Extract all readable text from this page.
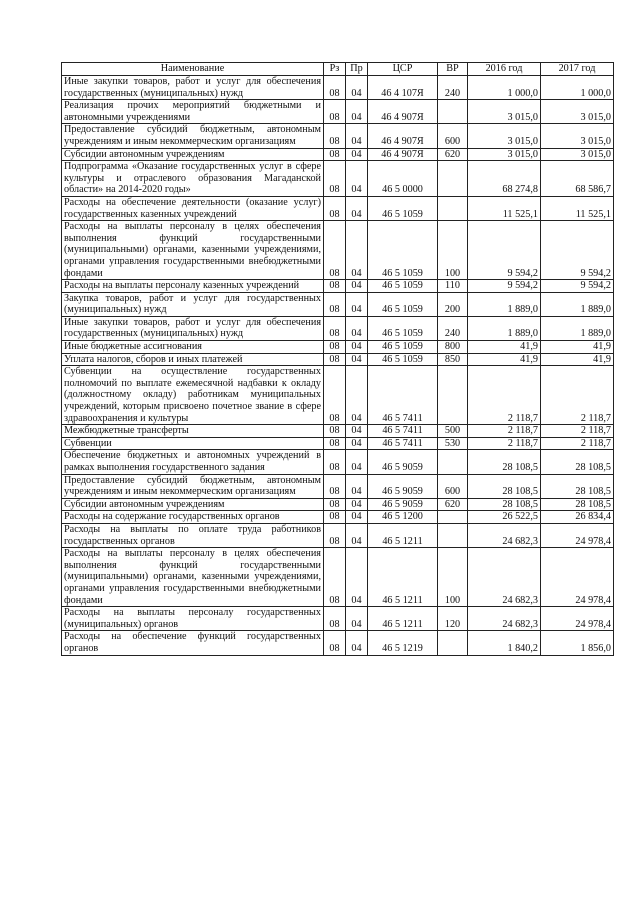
Наименование	Рз	Пр	ЦСР	ВР	2016 год	2017 год
Иные закупки товаров, работ и услуг для обеспечения государственных (муниципальных) нужд	08	04	46 4 107Я	240	1 000,0	1 000,0
Реализация прочих мероприятий бюджетными и автономными учреждениями	08	04	46 4 907Я		3 015,0	3 015,0
Предоставление субсидий бюджетным, автономным учреждениям и иным некоммерческим организациям	08	04	46 4 907Я	600	3 015,0	3 015,0
Субсидии автономным учреждениям	08	04	46 4 907Я	620	3 015,0	3 015,0
Подпрограмма «Оказание государственных услуг в сфере культуры и отраслевого образования Магаданской области» на 2014-2020 годы»	08	04	46 5 0000		68 274,8	68 586,7
Расходы на обеспечение деятельности (оказание услуг) государственных казенных учреждений	08	04	46 5 1059		11 525,1	11 525,1
Расходы на выплаты персоналу в целях обеспечения выполнения функций государственными (муниципальными) органами, казенными учреждениями, органами управления государственными внебюджетными фондами	08	04	46 5 1059	100	9 594,2	9 594,2
Расходы на выплаты персоналу казенных учреждений	08	04	46 5 1059	110	9 594,2	9 594,2
Закупка товаров, работ и услуг для государственных (муниципальных) нужд	08	04	46 5 1059	200	1 889,0	1 889,0
Иные закупки товаров, работ и услуг для обеспечения государственных (муниципальных) нужд	08	04	46 5 1059	240	1 889,0	1 889,0
Иные бюджетные ассигнования	08	04	46 5 1059	800	41,9	41,9
Уплата налогов, сборов и иных платежей	08	04	46 5 1059	850	41,9	41,9
Субвенции на осуществление государственных полномочий по выплате ежемесячной надбавки к окладу (должностному окладу) работникам муниципальных учреждений, которым присвоено почетное звание в сфере здравоохранения и культуры	08	04	46 5 7411		2 118,7	2 118,7
Межбюджетные трансферты	08	04	46 5 7411	500	2 118,7	2 118,7
Субвенции	08	04	46 5 7411	530	2 118,7	2 118,7
Обеспечение бюджетных и автономных учреждений в рамках выполнения государственного задания	08	04	46 5 9059		28 108,5	28 108,5
Предоставление субсидий бюджетным, автономным учреждениям и иным некоммерческим организациям	08	04	46 5 9059	600	28 108,5	28 108,5
Субсидии автономным учреждениям	08	04	46 5 9059	620	28 108,5	28 108,5
Расходы на содержание государственных органов	08	04	46 5 1200		26 522,5	26 834,4
Расходы на выплаты по оплате труда работников государственных органов	08	04	46 5 1211		24 682,3	24 978,4
Расходы на выплаты персоналу в целях обеспечения выполнения функций государственными (муниципальными) органами, казенными учреждениями, органами управления государственными внебюджетными фондами	08	04	46 5 1211	100	24 682,3	24 978,4
Расходы на выплаты персоналу государственных (муниципальных) органов	08	04	46 5 1211	120	24 682,3	24 978,4
Расходы на обеспечение функций государственных органов	08	04	46 5 1219		1 840,2	1 856,0
